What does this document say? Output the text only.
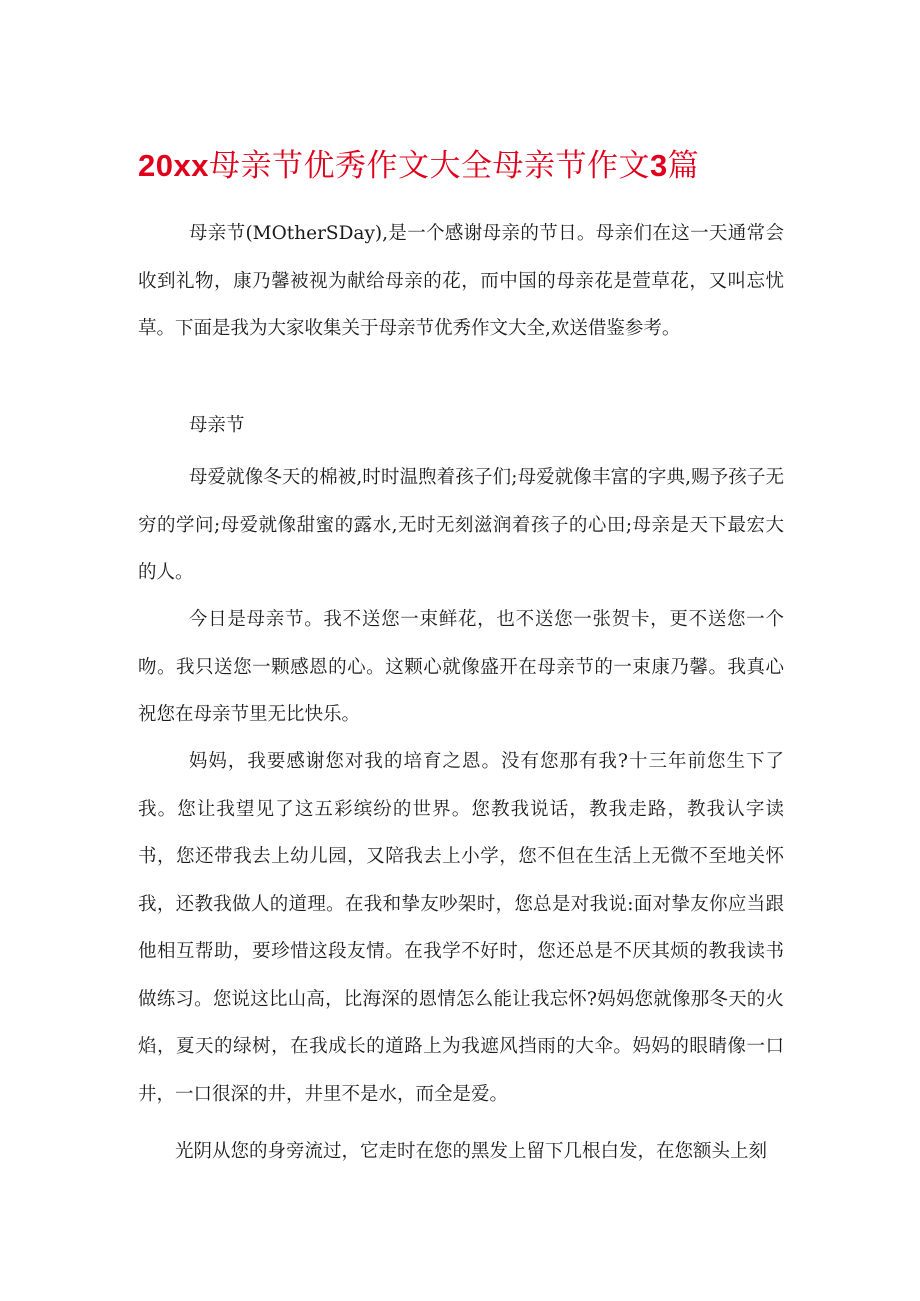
20xx母亲节优秀作文大全母亲节作文3篇

母亲节(MOtherSDay),是一个感谢母亲的节日。母亲们在这一天通常会收到礼物，康乃馨被视为献给母亲的花，而中国的母亲花是萱草花，又叫忘忧草。下面是我为大家收集关于母亲节优秀作文大全,欢送借鉴参考。

母亲节

母爱就像冬天的棉被,时时温煦着孩子们;母爱就像丰富的字典,赐予孩子无穷的学问;母爱就像甜蜜的露水,无时无刻滋润着孩子的心田;母亲是天下最宏大的人。

今日是母亲节。我不送您一束鲜花，也不送您一张贺卡，更不送您一个吻。我只送您一颗感恩的心。这颗心就像盛开在母亲节的一束康乃馨。我真心祝您在母亲节里无比快乐。

妈妈，我要感谢您对我的培育之恩。没有您那有我?十三年前您生下了我。您让我望见了这五彩缤纷的世界。您教我说话，教我走路，教我认字读书，您还带我去上幼儿园，又陪我去上小学，您不但在生活上无微不至地关怀我，还教我做人的道理。在我和挚友吵架时，您总是对我说:面对挚友你应当跟他相互帮助，要珍惜这段友情。在我学不好时，您还总是不厌其烦的教我读书做练习。您说这比山高，比海深的恩情怎么能让我忘怀?妈妈您就像那冬天的火焰，夏天的绿树，在我成长的道路上为我遮风挡雨的大伞。妈妈的眼睛像一口井，一口很深的井，井里不是水，而全是爱。

光阴从您的身旁流过，它走时在您的黑发上留下几根白发，在您额头上刻
